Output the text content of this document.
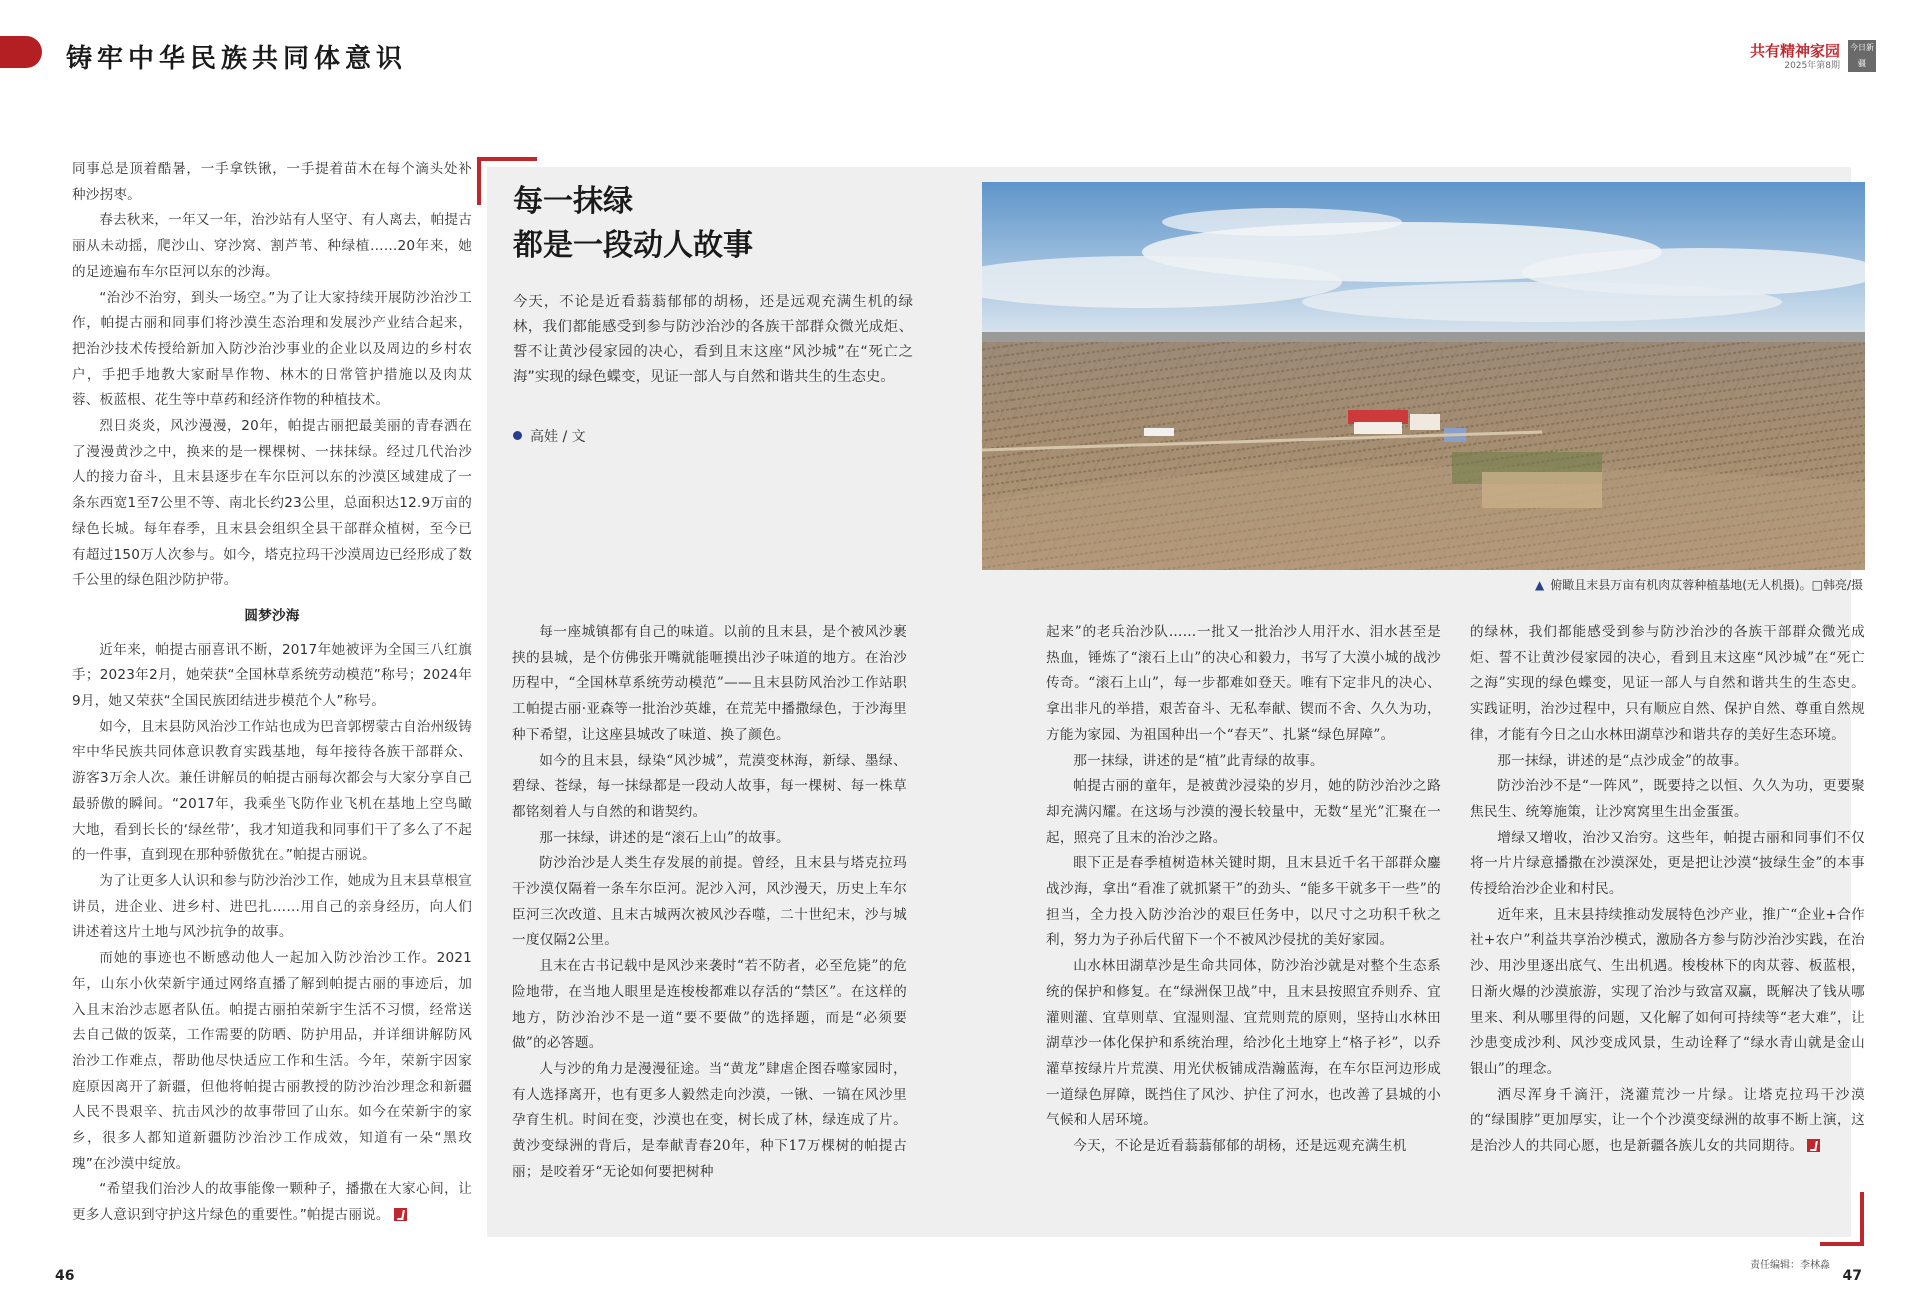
铸牢中华民族共同体意识	共有精神家园
2025年第8期
今日新疆

同事总是顶着酷暑，一手拿铁锹，一手提着苗木在每个滴头处补种沙拐枣。

春去秋来，一年又一年，治沙站有人坚守、有人离去，帕提古丽从未动摇，爬沙山、穿沙窝、割芦苇、种绿植……20年来，她的足迹遍布车尔臣河以东的沙海。

“治沙不治穷，到头一场空。”为了让大家持续开展防沙治沙工作，帕提古丽和同事们将沙漠生态治理和发展沙产业结合起来，把治沙技术传授给新加入防沙治沙事业的企业以及周边的乡村农户，手把手地教大家耐旱作物、林木的日常管护措施以及肉苁蓉、板蓝根、花生等中草药和经济作物的种植技术。

烈日炎炎，风沙漫漫，20年，帕提古丽把最美丽的青春洒在了漫漫黄沙之中，换来的是一棵棵树、一抹抹绿。经过几代治沙人的接力奋斗，且末县逐步在车尔臣河以东的沙漠区域建成了一条东西宽1至7公里不等、南北长约23公里，总面积达12.9万亩的绿色长城。每年春季，且末县会组织全县干部群众植树，至今已有超过150万人次参与。如今，塔克拉玛干沙漠周边已经形成了数千公里的绿色阻沙防护带。

圆梦沙海

近年来，帕提古丽喜讯不断，2017年她被评为全国三八红旗手；2023年2月，她荣获“全国林草系统劳动模范”称号；2024年9月，她又荣获“全国民族团结进步模范个人”称号。

如今，且末县防风治沙工作站也成为巴音郭楞蒙古自治州级铸牢中华民族共同体意识教育实践基地，每年接待各族干部群众、游客3万余人次。兼任讲解员的帕提古丽每次都会与大家分享自己最骄傲的瞬间。“2017年，我乘坐飞防作业飞机在基地上空鸟瞰大地，看到长长的‘绿丝带’，我才知道我和同事们干了多么了不起的一件事，直到现在那种骄傲犹在。”帕提古丽说。

为了让更多人认识和参与防沙治沙工作，她成为且末县草根宣讲员，进企业、进乡村、进巴扎……用自己的亲身经历，向人们讲述着这片土地与风沙抗争的故事。

而她的事迹也不断感动他人一起加入防沙治沙工作。2021年，山东小伙荣新宇通过网络直播了解到帕提古丽的事迹后，加入且末治沙志愿者队伍。帕提古丽拍荣新宇生活不习惯，经常送去自己做的饭菜，工作需要的防晒、防护用品，并详细讲解防风治沙工作难点，帮助他尽快适应工作和生活。今年，荣新宇因家庭原因离开了新疆，但他将帕提古丽教授的防沙治沙理念和新疆人民不畏艰辛、抗击风沙的故事带回了山东。如今在荣新宇的家乡，很多人都知道新疆防沙治沙工作成效，知道有一朵“黑玫瑰”在沙漠中绽放。

“希望我们治沙人的故事能像一颗种子，播撒在大家心间，让更多人意识到守护这片绿色的重要性。”帕提古丽说。

每一抹绿
都是一段动人故事
今天，不论是近看蓊蓊郁郁的胡杨，还是远观充满生机的绿林，我们都能感受到参与防沙治沙的各族干部群众微光成炬、誓不让黄沙侵家园的决心，看到且末这座“风沙城”在“死亡之海”实现的绿色蝶变，见证一部人与自然和谐共生的生态史。
高娃 / 文
▲ 俯瞰且末县万亩有机肉苁蓉种植基地(无人机摄)。□韩亮/摄

每一座城镇都有自己的味道。以前的且末县，是个被风沙裹挟的县城，是个仿佛张开嘴就能咂摸出沙子味道的地方。在治沙历程中，“全国林草系统劳动模范”——且末县防风治沙工作站职工帕提古丽·亚森等一批治沙英雄，在荒芜中播撒绿色，于沙海里种下希望，让这座县城改了味道、换了颜色。

如今的且末县，绿染“风沙城”，荒漠变林海，新绿、墨绿、碧绿、苍绿，每一抹绿都是一段动人故事，每一棵树、每一株草都铭刻着人与自然的和谐契约。

那一抹绿，讲述的是“滚石上山”的故事。

防沙治沙是人类生存发展的前提。曾经，且末县与塔克拉玛干沙漠仅隔着一条车尔臣河。泥沙入河，风沙漫天，历史上车尔臣河三次改道、且末古城两次被风沙吞噬，二十世纪末，沙与城一度仅隔2公里。

且末在古书记载中是风沙来袭时“若不防者，必至危毙”的危险地带，在当地人眼里是连梭梭都难以存活的“禁区”。在这样的地方，防沙治沙不是一道“要不要做”的选择题，而是“必须要做”的必答题。

人与沙的角力是漫漫征途。当“黄龙”肆虐企图吞噬家园时，有人选择离开，也有更多人毅然走向沙漠，一锹、一镐在风沙里孕育生机。时间在变，沙漠也在变，树长成了林，绿连成了片。黄沙变绿洲的背后，是奉献青春20年，种下17万棵树的帕提古丽；是咬着牙“无论如何要把树种

起来”的老兵治沙队……一批又一批治沙人用汗水、泪水甚至是热血，锤炼了“滚石上山”的决心和毅力，书写了大漠小城的战沙传奇。“滚石上山”，每一步都难如登天。唯有下定非凡的决心、拿出非凡的举措，艰苦奋斗、无私奉献、锲而不舍、久久为功，方能为家园、为祖国种出一个“春天”、扎紧“绿色屏障”。

那一抹绿，讲述的是“植”此青绿的故事。

帕提古丽的童年，是被黄沙浸染的岁月，她的防沙治沙之路却充满闪耀。在这场与沙漠的漫长较量中，无数“星光”汇聚在一起，照亮了且末的治沙之路。

眼下正是春季植树造林关键时期，且末县近千名干部群众鏖战沙海，拿出“看准了就抓紧干”的劲头、“能多干就多干一些”的担当，全力投入防沙治沙的艰巨任务中，以尺寸之功积千秋之利，努力为子孙后代留下一个不被风沙侵扰的美好家园。

山水林田湖草沙是生命共同体，防沙治沙就是对整个生态系统的保护和修复。在“绿洲保卫战”中，且末县按照宜乔则乔、宜灌则灌、宜草则草、宜湿则湿、宜荒则荒的原则，坚持山水林田湖草沙一体化保护和系统治理，给沙化土地穿上“格子衫”，以乔灌草按绿片片荒漠、用光伏板铺成浩瀚蓝海，在车尔臣河边形成一道绿色屏障，既挡住了风沙、护住了河水，也改善了县城的小气候和人居环境。

今天，不论是近看蓊蓊郁郁的胡杨，还是远观充满生机

的绿林，我们都能感受到参与防沙治沙的各族干部群众微光成炬、誓不让黄沙侵家园的决心，看到且末这座“风沙城”在“死亡之海”实现的绿色蝶变，见证一部人与自然和谐共生的生态史。实践证明，治沙过程中，只有顺应自然、保护自然、尊重自然规律，才能有今日之山水林田湖草沙和谐共存的美好生态环境。

那一抹绿，讲述的是“点沙成金”的故事。

防沙治沙不是“一阵风”，既要持之以恒、久久为功，更要聚焦民生、统筹施策，让沙窝窝里生出金蛋蛋。

增绿又增收，治沙又治穷。这些年，帕提古丽和同事们不仅将一片片绿意播撒在沙漠深处，更是把让沙漠“披绿生金”的本事传授给治沙企业和村民。

近年来，且末县持续推动发展特色沙产业，推广“企业+合作社+农户”利益共享治沙模式，激励各方参与防沙治沙实践，在治沙、用沙里逐出底气、生出机遇。梭梭林下的肉苁蓉、板蓝根，日渐火爆的沙漠旅游，实现了治沙与致富双赢，既解决了钱从哪里来、利从哪里得的问题，又化解了如何可持续等“老大难”，让沙患变成沙利、风沙变成风景，生动诠释了“绿水青山就是金山银山”的理念。

洒尽浑身千滴汗，浇灌荒沙一片绿。让塔克拉玛干沙漠的“绿围脖”更加厚实，让一个个沙漠变绿洲的故事不断上演，这是治沙人的共同心愿，也是新疆各族儿女的共同期待。

46
责任编辑：李林淼
47
